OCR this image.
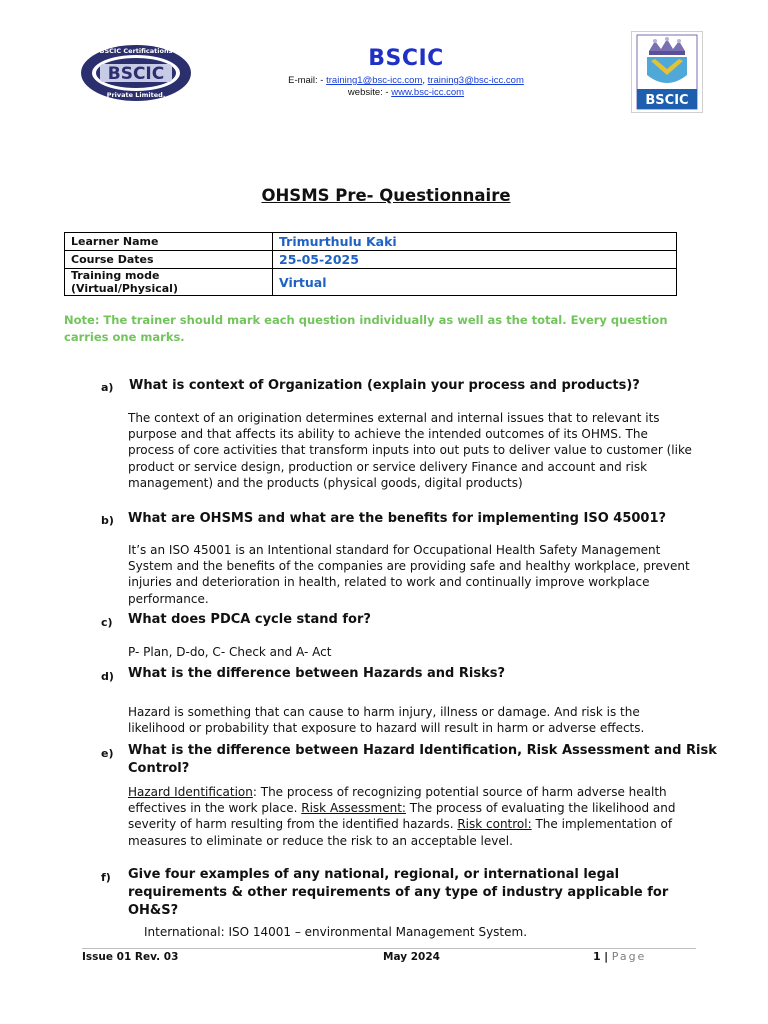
BSCIC
BSCIC Certifications
Private Limited.
BSCIC
E-mail: - training1@bsc-icc.com, training3@bsc-icc.com
website: - www.bsc-icc.com
BSCIC
OHSMS Pre- Questionnaire
Learner Name	Trimurthulu Kaki
Course Dates	25-05-2025
Training mode (Virtual/Physical)	Virtual
Note: The trainer should mark each question individually as well as the total. Every question carries one marks.
a) What is context of Organization (explain your process and products)?
The context of an origination determines external and internal issues that to relevant its purpose and that affects its ability to achieve the intended outcomes of its OHMS. The process of core activities that transform inputs into out puts to deliver value to customer (like product or service design, production or service delivery Finance and account and risk management) and the products (physical goods, digital products)
b) What are OHSMS and what are the benefits for implementing ISO 45001?
It’s an ISO 45001 is an Intentional standard for Occupational Health Safety Management System and the benefits of the companies are providing safe and healthy workplace, prevent injuries and deterioration in health, related to work and continually improve workplace performance.
c) What does PDCA cycle stand for?
P- Plan, D-do, C- Check and A- Act
d) What is the difference between Hazards and Risks?
Hazard is something that can cause to harm injury, illness or damage. And risk is the likelihood or probability that exposure to hazard will result in harm or adverse effects.
e) What is the difference between Hazard Identification, Risk Assessment and Risk Control?
Hazard Identification: The process of recognizing potential source of harm adverse health effectives in the work place. Risk Assessment: The process of evaluating the likelihood and severity of harm resulting from the identified hazards. Risk control: The implementation of measures to eliminate or reduce the risk to an acceptable level.
f) Give four examples of any national, regional, or international legal requirements & other requirements of any type of industry applicable for OH&S?
International: ISO 14001 – environmental Management System.
Issue 01 Rev. 03	May 2024	1 | Page
